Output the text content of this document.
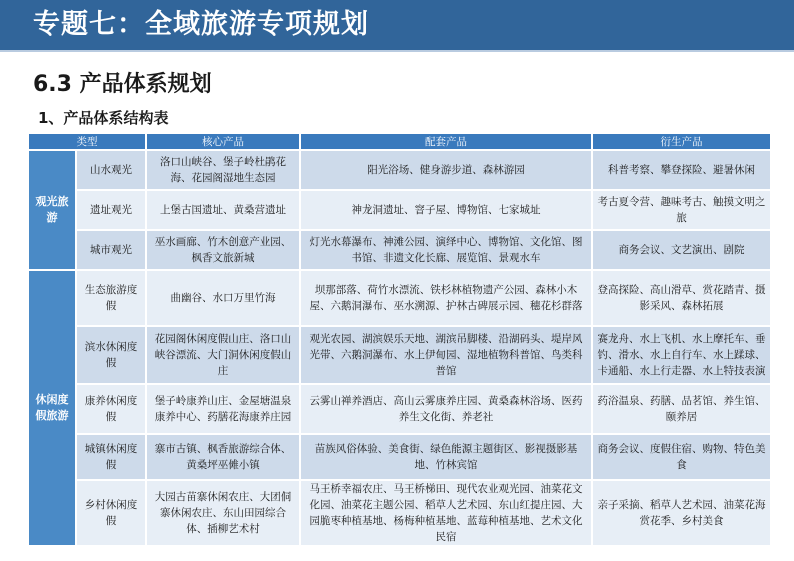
专题七：全域旅游专项规划
6.3 产品体系规划
1、产品体系结构表
类型		核心产品	配套产品	衍生产品
观光旅游	山水观光	洛口山峡谷、堡子岭杜鹃花海、花园阁湿地生态园	阳光浴场、健身游步道、森林游园	科普考察、攀登探险、避暑休闲
	遗址观光	上堡古国遗址、黄桑营遗址	神龙洞遗址、窨子屋、博物馆、七家城址	考古夏令营、趣味考古、触摸文明之旅
	城市观光	巫水画廊、竹木创意产业园、枫香文旅新城	灯光水幕瀑布、神滩公园、演绎中心、博物馆、文化馆、图书馆、非遗文化长廊、展览馆、景观水车	商务会议、文艺演出、剧院
休闲度假旅游	生态旅游度假	曲幽谷、水口万里竹海	坝那部落、荷竹水漂流、铁杉林植物遗产公园、森林小木屋、六鹅洞瀑布、巫水溯源、护林古碑展示园、穗花杉群落	登高探险、高山滑草、赏花踏青、摄影采风、森林拓展
	滨水休闲度假	花园阁休闲度假山庄、洛口山峡谷漂流、大门洞休闲度假山庄	观光农园、湖滨娱乐天地、湖滨吊脚楼、沿湖码头、堤岸风光带、六鹅洞瀑布、水上伊甸园、湿地植物科普馆、鸟类科普馆	赛龙舟、水上飞机、水上摩托车、垂钓、滑水、水上自行车、水上蹂球、卡通船、水上行走器、水上特技表演
	康养休闲度假	堡子岭康养山庄、金屋塘温泉康养中心、药膳花海康养庄园	云雾山禅养酒店、高山云雾康养庄园、黄桑森林浴场、医药养生文化街、养老社	药浴温泉、药膳、品茗馆、养生馆、颐养居
	城镇休闲度假	寨市古镇、枫香旅游综合体、黄桑坪巫傩小镇	苗族风俗体验、美食街、绿色能源主题街区、影视摄影基地、竹林宾馆	商务会议、度假住宿、购物、特色美食
	乡村休闲度假	大园古苗寨休闲农庄、大团侗寨休闲农庄、东山田园综合体、插柳艺术村	马王桥幸福农庄、马王桥梯田、现代农业观光园、油菜花文化园、油菜花主题公园、稻草人艺术园、东山红提庄园、大园脆枣种植基地、杨梅种植基地、蓝莓种植基地、艺术文化民宿	亲子采摘、稻草人艺术园、油菜花海赏花季、乡村美食
